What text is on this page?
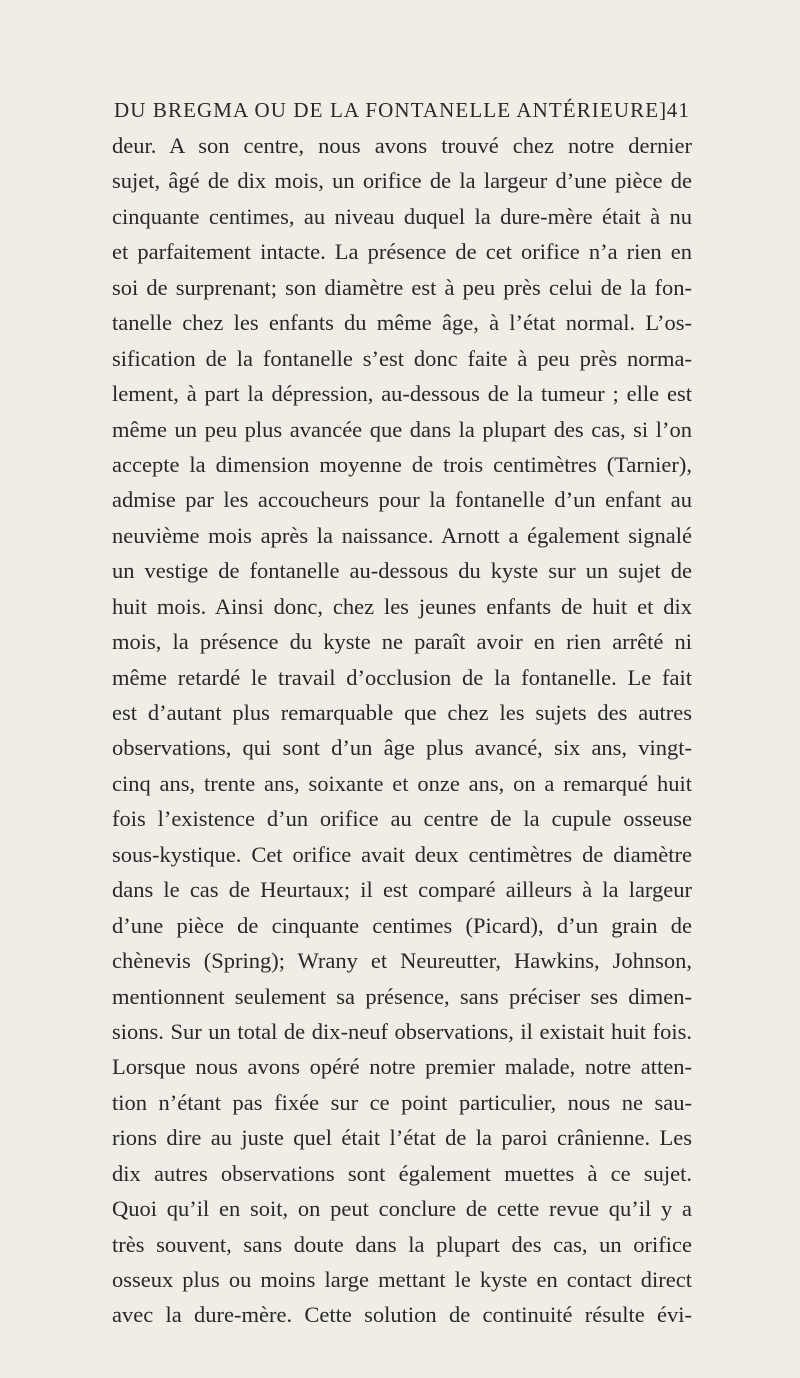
DU BREGMA OU DE LA FONTANELLE ANTÉRIEURE] 41
deur. A son centre, nous avons trouvé chez notre dernier
sujet, âgé de dix mois, un orifice de la largeur d’une pièce de
cinquante centimes, au niveau duquel la dure-mère était à nu
et parfaitement intacte. La présence de cet orifice n’a rien en
soi de surprenant; son diamètre est à peu près celui de la fon-
tanelle chez les enfants du même âge, à l’état normal. L’os-
sification de la fontanelle s’est donc faite à peu près norma-
lement, à part la dépression, au-dessous de la tumeur ; elle est
même un peu plus avancée que dans la plupart des cas, si l’on
accepte la dimension moyenne de trois centimètres (Tarnier),
admise par les accoucheurs pour la fontanelle d’un enfant au
neuvième mois après la naissance. Arnott a également signalé
un vestige de fontanelle au-dessous du kyste sur un sujet de
huit mois. Ainsi donc, chez les jeunes enfants de huit et dix
mois, la présence du kyste ne paraît avoir en rien arrêté ni
même retardé le travail d’occlusion de la fontanelle. Le fait
est d’autant plus remarquable que chez les sujets des autres
observations, qui sont d’un âge plus avancé, six ans, vingt-
cinq ans, trente ans, soixante et onze ans, on a remarqué huit
fois l’existence d’un orifice au centre de la cupule osseuse
sous-kystique. Cet orifice avait deux centimètres de diamètre
dans le cas de Heurtaux; il est comparé ailleurs à la largeur
d’une pièce de cinquante centimes (Picard), d’un grain de
chènevis (Spring); Wrany et Neureutter, Hawkins, Johnson,
mentionnent seulement sa présence, sans préciser ses dimen-
sions. Sur un total de dix-neuf observations, il existait huit fois.
Lorsque nous avons opéré notre premier malade, notre atten-
tion n’étant pas fixée sur ce point particulier, nous ne sau-
rions dire au juste quel était l’état de la paroi crânienne. Les
dix autres observations sont également muettes à ce sujet.
Quoi qu’il en soit, on peut conclure de cette revue qu’il y a
très souvent, sans doute dans la plupart des cas, un orifice
osseux plus ou moins large mettant le kyste en contact direct
avec la dure-mère. Cette solution de continuité résulte évi-
